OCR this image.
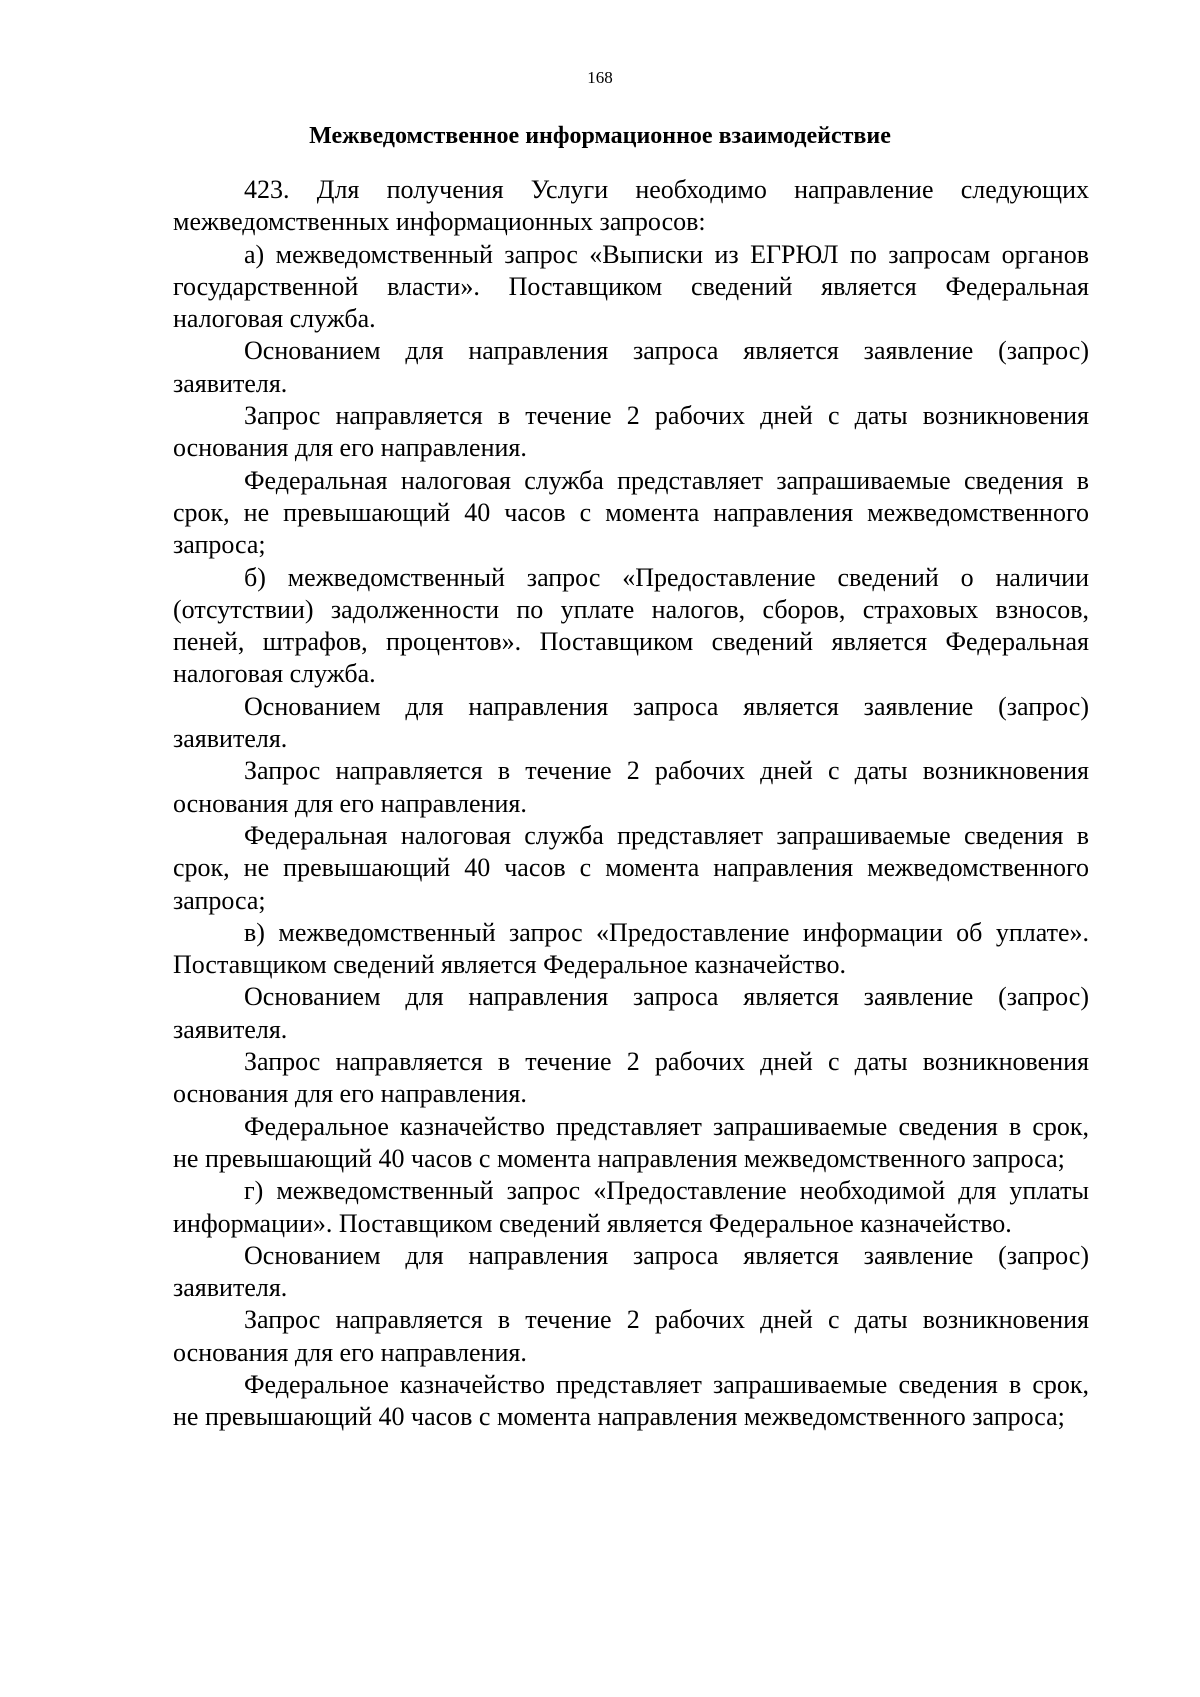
168
Межведомственное информационное взаимодействие

423. Для получения Услуги необходимо направление следующих межведомственных информационных запросов:

а) межведомственный запрос «Выписки из ЕГРЮЛ по запросам органов государственной власти». Поставщиком сведений является Федеральная налоговая служба.

Основанием для направления запроса является заявление (запрос) заявителя.

Запрос направляется в течение 2 рабочих дней с даты возникновения основания для его направления.

Федеральная налоговая служба представляет запрашиваемые сведения в срок, не превышающий 40 часов с момента направления межведомственного запроса;

б) межведомственный запрос «Предоставление сведений о наличии (отсутствии) задолженности по уплате налогов, сборов, страховых взносов, пеней, штрафов, процентов». Поставщиком сведений является Федеральная налоговая служба.

Основанием для направления запроса является заявление (запрос) заявителя.

Запрос направляется в течение 2 рабочих дней с даты возникновения основания для его направления.

Федеральная налоговая служба представляет запрашиваемые сведения в срок, не превышающий 40 часов с момента направления межведомственного запроса;

в) межведомственный запрос «Предоставление информации об уплате». Поставщиком сведений является Федеральное казначейство.

Основанием для направления запроса является заявление (запрос) заявителя.

Запрос направляется в течение 2 рабочих дней с даты возникновения основания для его направления.

Федеральное казначейство представляет запрашиваемые сведения в срок, не превышающий 40 часов с момента направления межведомственного запроса;

г) межведомственный запрос «Предоставление необходимой для уплаты информации». Поставщиком сведений является Федеральное казначейство.

Основанием для направления запроса является заявление (запрос) заявителя.

Запрос направляется в течение 2 рабочих дней с даты возникновения основания для его направления.

Федеральное казначейство представляет запрашиваемые сведения в срок, не превышающий 40 часов с момента направления межведомственного запроса;
